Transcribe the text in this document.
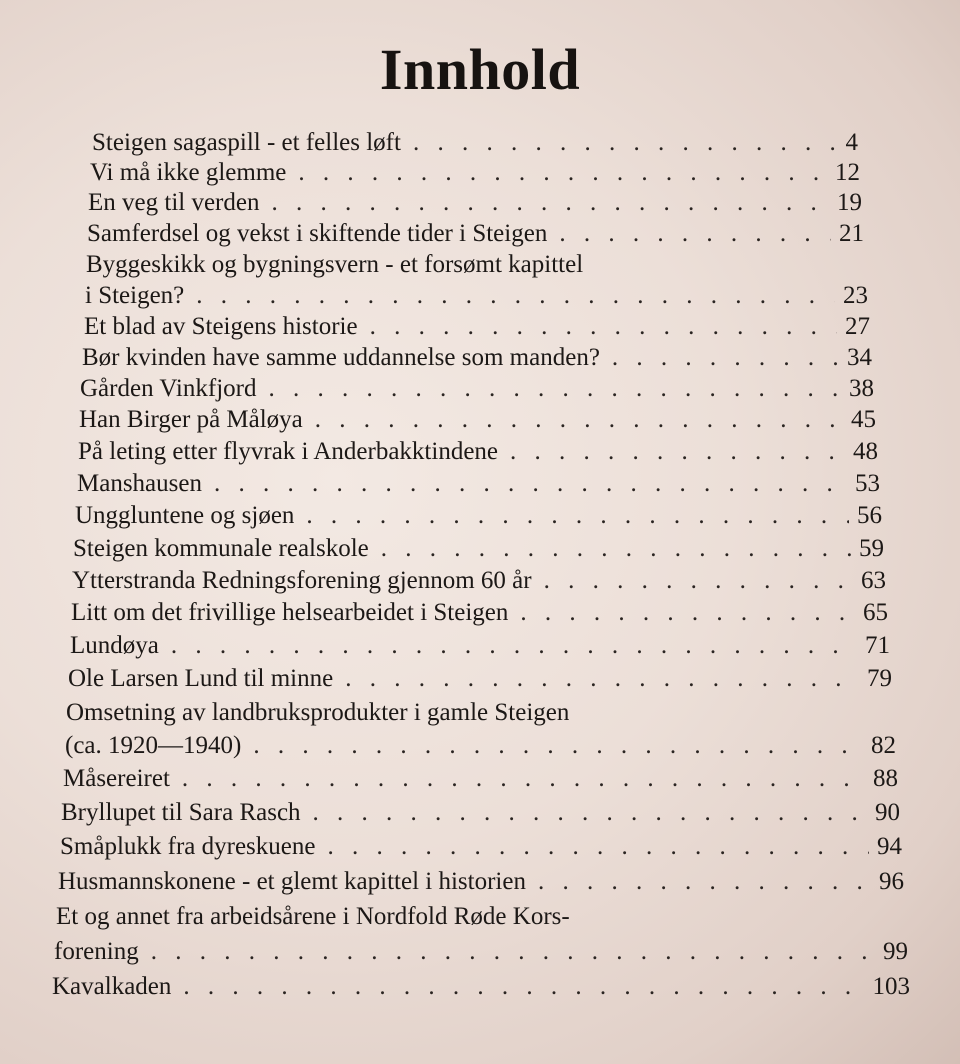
Innhold
Steigen sagaspill - et felles løft . . .	4
Vi må ikke glemme . . .	12
En veg til verden . . .	19
Samferdsel og vekst i skiftende tider i Steigen . . .	21
Byggeskikk og bygningsvern - et forsømt kapittel
i Steigen? . . .	23
Et blad av Steigens historie . . .	27
Bør kvinden have samme uddannelse som manden? . . .	34
Gården Vinkfjord . . .	38
Han Birger på Måløya . . .	45
På leting etter flyvrak i Anderbakktindene . . .	48
Manshausen . . .	53
Unggluntene og sjøen . . .	56
Steigen kommunale realskole . . .	59
Ytterstranda Redningsforening gjennom 60 år . . .	63
Litt om det frivillige helsearbeidet i Steigen . . .	65
Lundøya . . .	71
Ole Larsen Lund til minne . . .	79
Omsetning av landbruksprodukter i gamle Steigen
(ca. 1920—1940) . . .	82
Måsereiret . . .	88
Bryllupet til Sara Rasch . . .	90
Småplukk fra dyreskuene . . .	94
Husmannskonene - et glemt kapittel i historien . . .	96
Et og annet fra arbeidsårene i Nordfold Røde Kors-
forening . . .	99
Kavalkaden . . .	103
